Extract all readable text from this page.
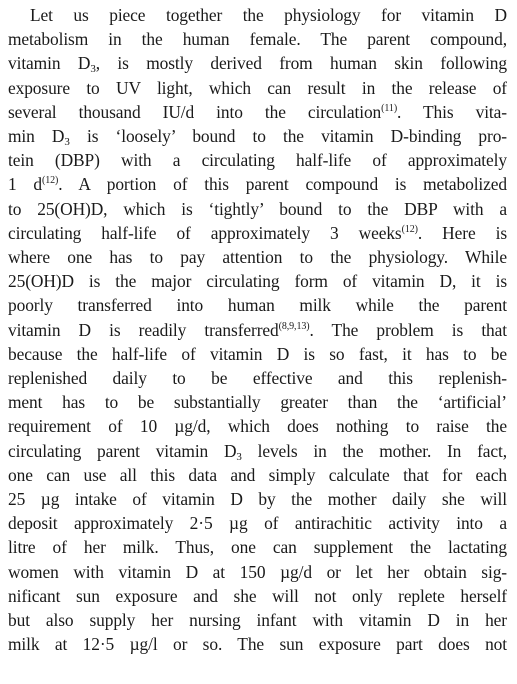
Let us piece together the physiology for vitamin D
metabolism in the human female. The parent compound,
vitamin $D_3$, is mostly derived from human skin following
exposure to UV light, which can result in the release of
several thousand IU/d into the circulation$^{(11)}$. This vita-
$\min D_3$ is ‘loosely’ bound to the vitamin D-binding pro-
tein (DBP) with a circulating half-life of approximately
1 $d^{(12)}$. A portion of this parent compound is metabolized
to 25(OH)D, which is ‘tightly’ bound to the DBP with a
circulating half-life of approximately 3 weeks$^{(12)}$. Here is
where one has to pay attention to the physiology. While
25(OH)D is the major circulating form of vitamin D, it is
poorly transferred into human milk while the parent
vitamin D is readily transferred$^{(8,9,13)}$. The problem is that
because the half-life of vitamin D is so fast, it has to be
replenished daily to be effective and this replenish-
ment has to be substantially greater than the ‘artificial’
requirement of 10 µg/d, which does nothing to raise the
circulating parent vitamin $D_3$ levels in the mother. In fact,
one can use all this data and simply calculate that for each
25 µg intake of vitamin D by the mother daily she will
deposit approximately 2·5 µg of antirachitic activity into a
litre of her milk. Thus, one can supplement the lactating
women with vitamin D at 150 µg/d or let her obtain sig-
nificant sun exposure and she will not only replete herself
but also supply her nursing infant with vitamin D in her
milk at 12·5 µg/l or so. The sun exposure part does not
